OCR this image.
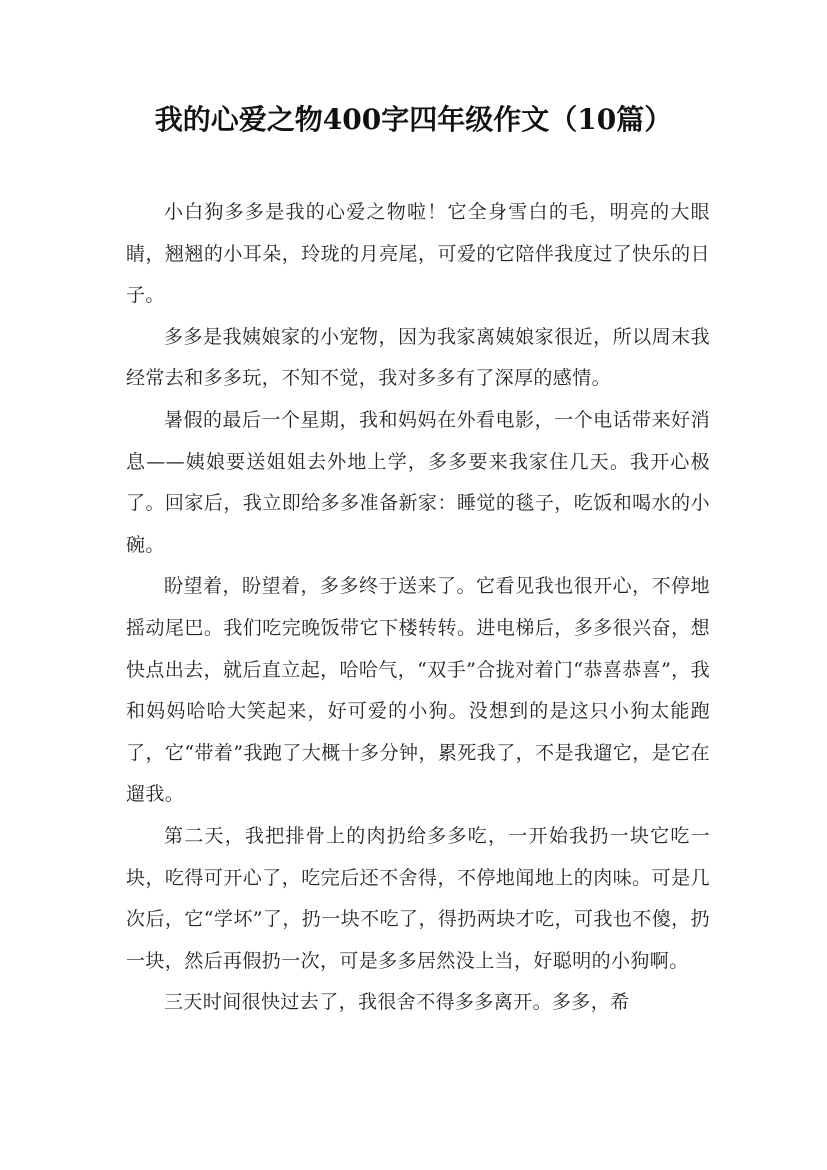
我的心爱之物400字四年级作文（10篇）

小白狗多多是我的心爱之物啦！它全身雪白的毛，明亮的大眼睛，翘翘的小耳朵，玲珑的月亮尾，可爱的它陪伴我度过了快乐的日子。

多多是我姨娘家的小宠物，因为我家离姨娘家很近，所以周末我经常去和多多玩，不知不觉，我对多多有了深厚的感情。

暑假的最后一个星期，我和妈妈在外看电影，一个电话带来好消息——姨娘要送姐姐去外地上学，多多要来我家住几天。我开心极了。回家后，我立即给多多准备新家：睡觉的毯子，吃饭和喝水的小碗。

盼望着，盼望着，多多终于送来了。它看见我也很开心，不停地摇动尾巴。我们吃完晚饭带它下楼转转。进电梯后，多多很兴奋，想快点出去，就后直立起，哈哈气，“双手”合拢对着门“恭喜恭喜”，我和妈妈哈哈大笑起来，好可爱的小狗。没想到的是这只小狗太能跑了，它“带着”我跑了大概十多分钟，累死我了，不是我遛它，是它在遛我。

第二天，我把排骨上的肉扔给多多吃，一开始我扔一块它吃一块，吃得可开心了，吃完后还不舍得，不停地闻地上的肉味。可是几次后，它“学坏”了，扔一块不吃了，得扔两块才吃，可我也不傻，扔一块，然后再假扔一次，可是多多居然没上当，好聪明的小狗啊。

三天时间很快过去了，我很舍不得多多离开。多多，希
